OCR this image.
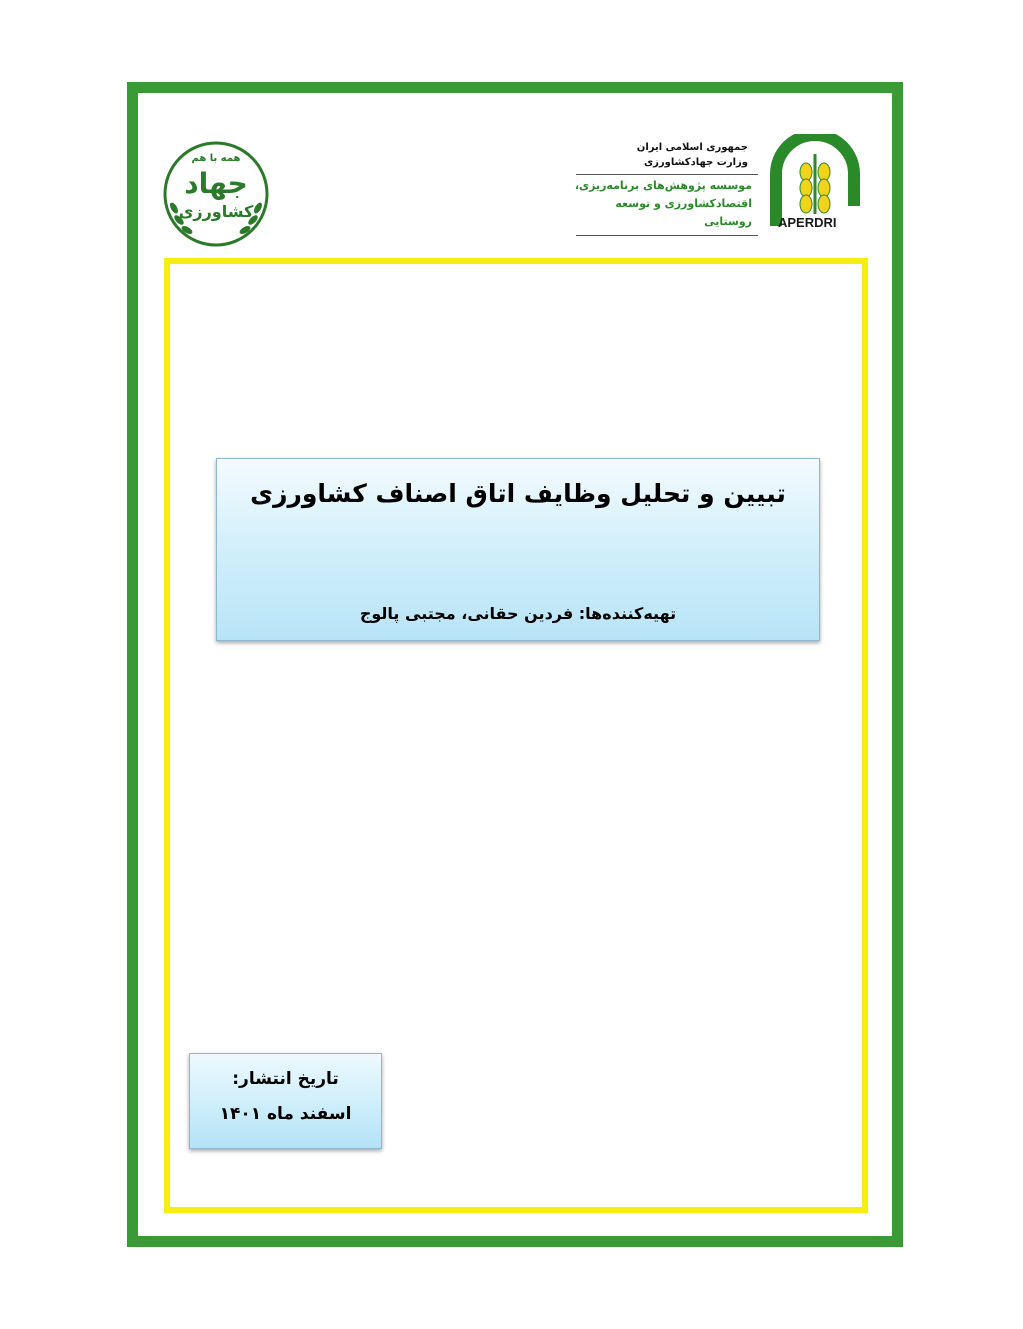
همه با هم
جهاد
کشاورزی
جمهوری اسلامی ایران
وزارت جهادکشاورزی
موسسه پژوهش‌های برنامه‌ریزی،
اقتصادکشاورزی و توسعه روستایی	APERDRI
تبیین و تحلیل وظایف اتاق اصناف کشاورزی
تهیه‌کننده‌ها: فردین حقانی، مجتبی پالوج
تاریخ انتشار:
اسفند ماه ۱۴۰۱
